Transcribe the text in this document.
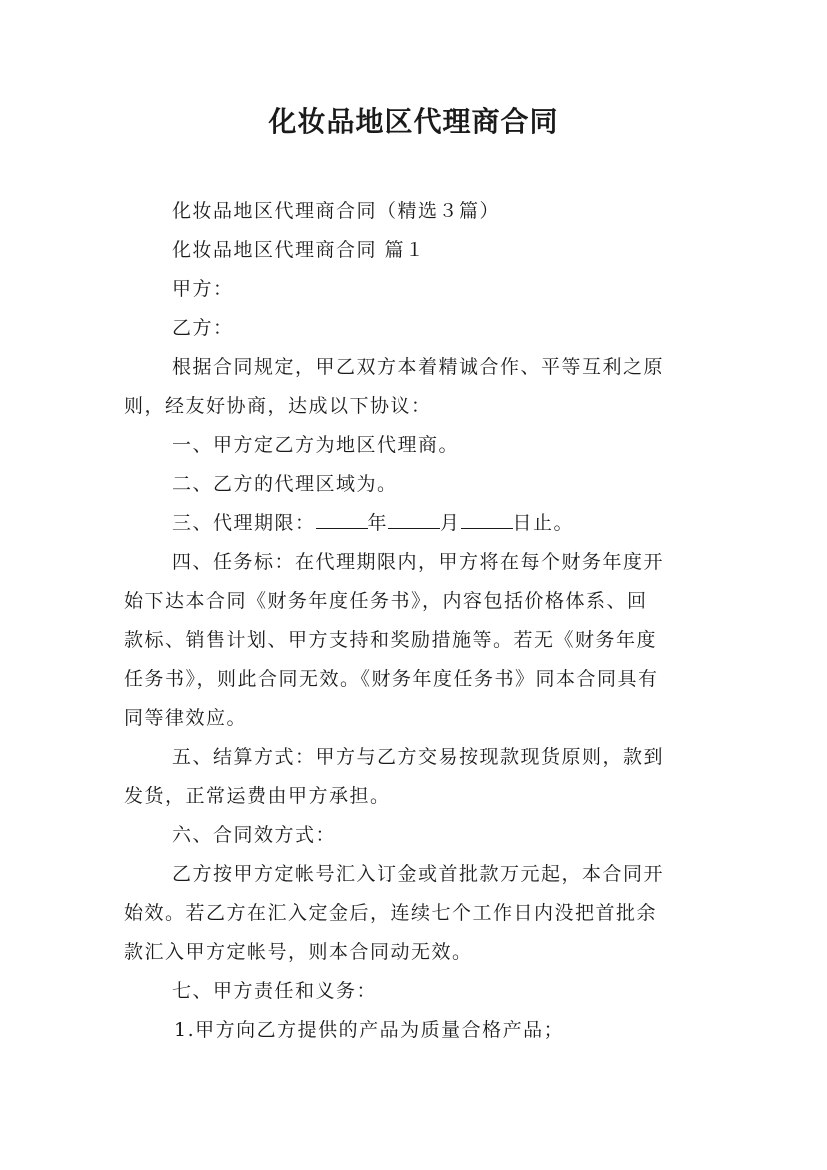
化妆品地区代理商合同
化妆品地区代理商合同（精选３篇）
化妆品地区代理商合同 篇１
甲方：
乙方：
根据合同规定，甲乙双方本着精诚合作、平等互利之原
则，经友好协商，达成以下协议：
一、甲方定乙方为地区代理商。
二、乙方的代理区域为。
三、代理期限：	年	月	日止。
四、任务标：在代理期限内，甲方将在每个财务年度开
始下达本合同《财务年度任务书》，内容包括价格体系、回
款标、销售计划、甲方支持和奖励措施等。若无《财务年度
任务书》，则此合同无效。《财务年度任务书》同本合同具有
同等律效应。
五、结算方式：甲方与乙方交易按现款现货原则，款到
发货，正常运费由甲方承担。
六、合同效方式：
乙方按甲方定帐号汇入订金或首批款万元起，本合同开
始效。若乙方在汇入定金后，连续七个工作日内没把首批余
款汇入甲方定帐号，则本合同动无效。
七、甲方责任和义务：
1.甲方向乙方提供的产品为质量合格产品；
